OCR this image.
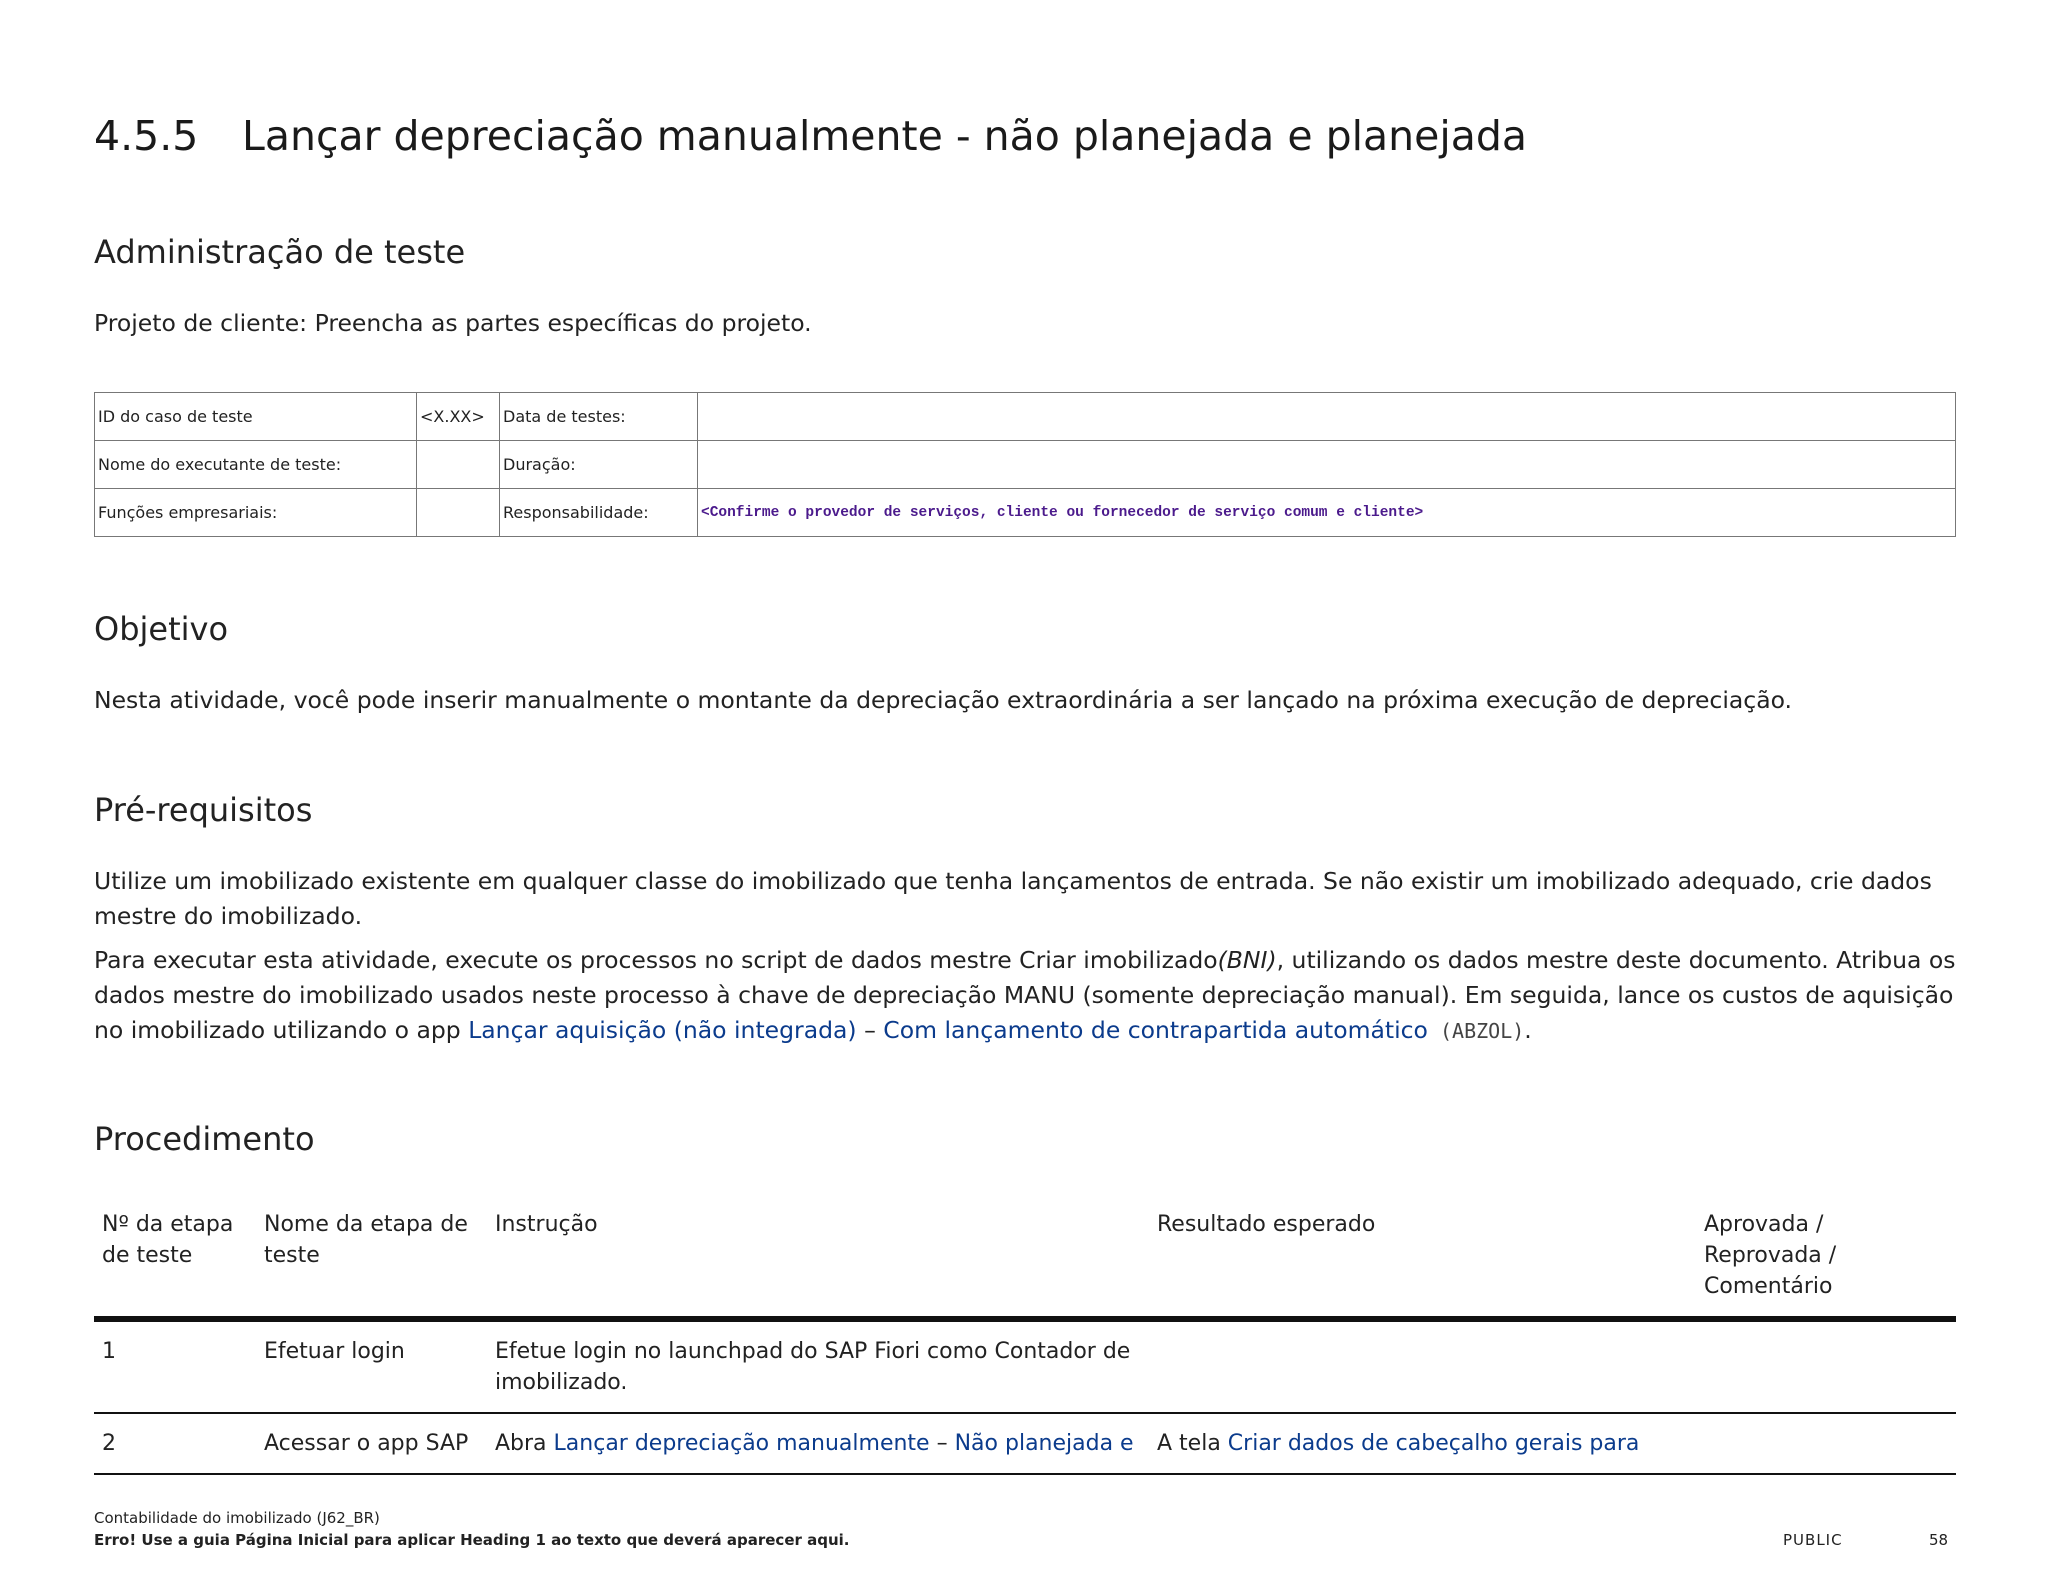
4.5.5 Lançar depreciação manualmente - não planejada e planejada
Administração de teste
Projeto de cliente: Preencha as partes específicas do projeto.
ID do caso de teste	<X.XX>	Data de testes:	
Nome do executante de teste:		Duração:	
Funções empresariais:		Responsabilidade:	<Confirme o provedor de serviços, cliente ou fornecedor de serviço comum e cliente>
Objetivo
Nesta atividade, você pode inserir manualmente o montante da depreciação extraordinária a ser lançado na próxima execução de depreciação.
Pré-requisitos
Utilize um imobilizado existente em qualquer classe do imobilizado que tenha lançamentos de entrada. Se não existir um imobilizado adequado, crie dados mestre do imobilizado.
Para executar esta atividade, execute os processos no script de dados mestre Criar imobilizado(BNI), utilizando os dados mestre deste documento. Atribua os dados mestre do imobilizado usados neste processo à chave de depreciação MANU (somente depreciação manual). Em seguida, lance os custos de aquisição no imobilizado utilizando o app Lançar aquisição (não integrada) – Com lançamento de contrapartida automático (ABZOL).
Procedimento
Nº da etapa de teste	Nome da etapa de teste	Instrução	Resultado esperado	Aprovada / Reprovada / Comentário
1	Efetuar login	Efetue login no launchpad do SAP Fiori como Contador de imobilizado.		
2	Acessar o app SAP	Abra Lançar depreciação manualmente – Não planejada e	A tela Criar dados de cabeçalho gerais para	
Contabilidade do imobilizado (J62_BR)
Erro! Use a guia Página Inicial para aplicar Heading 1 ao texto que deverá aparecer aqui.	PUBLIC	58
